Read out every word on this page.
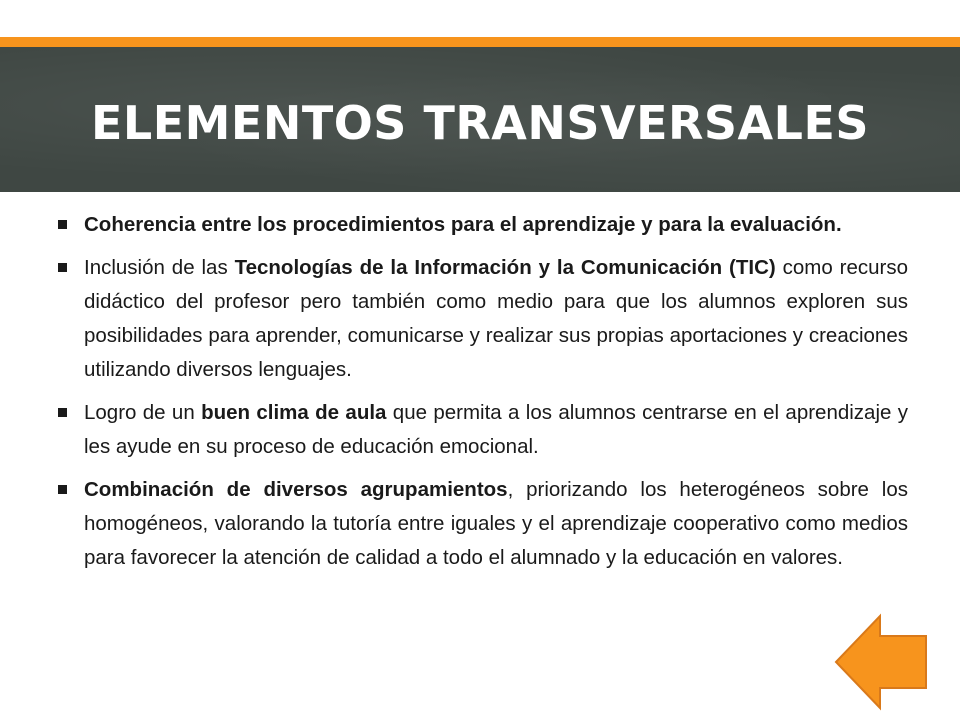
ELEMENTOS TRANSVERSALES
Coherencia entre los procedimientos para el aprendizaje y para la evaluación.
Inclusión de las Tecnologías de la Información y la Comunicación (TIC) como recurso didáctico del profesor pero también como medio para que los alumnos exploren sus posibilidades para aprender, comunicarse y realizar sus propias aportaciones y creaciones utilizando diversos lenguajes.
Logro de un buen clima de aula que permita a los alumnos centrarse en el aprendizaje y les ayude en su proceso de educación emocional.
Combinación de diversos agrupamientos, priorizando los heterogéneos sobre los homogéneos, valorando la tutoría entre iguales y el aprendizaje cooperativo como medios para favorecer la atención de calidad a todo el alumnado y la educación en valores.
